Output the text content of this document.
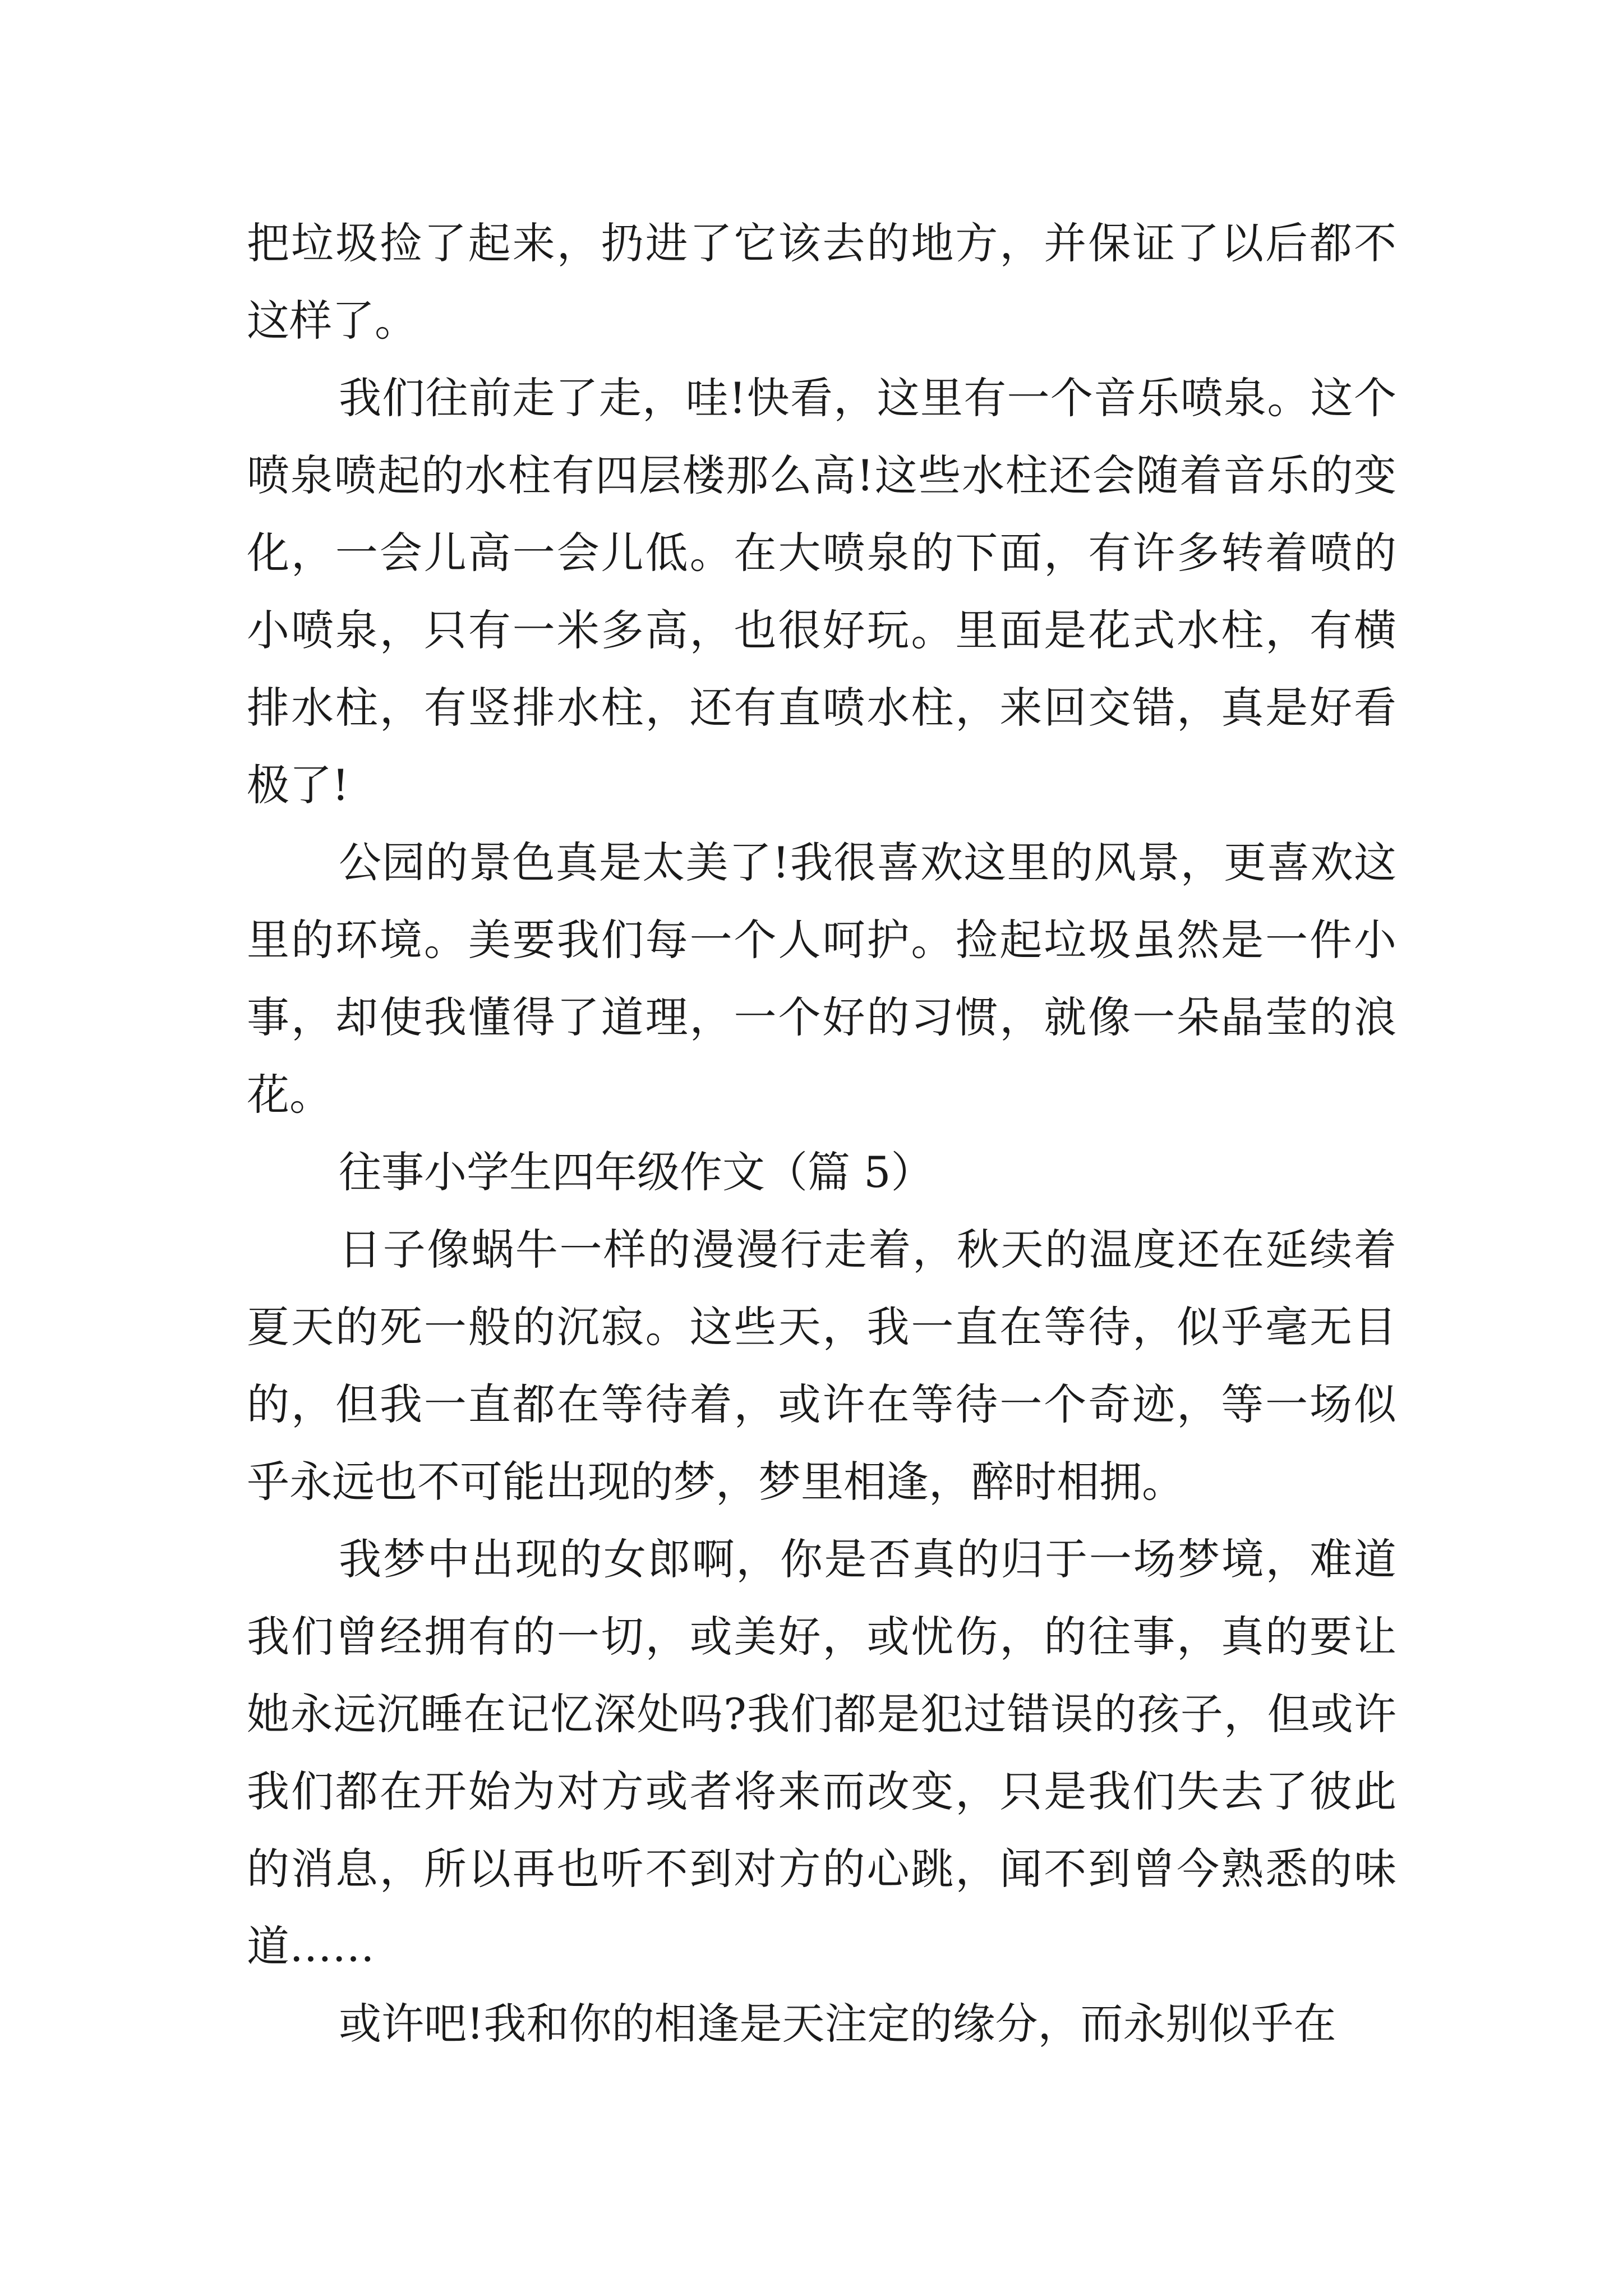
把垃圾捡了起来，扔进了它该去的地方，并保证了以后都不这样了。

我们往前走了走，哇!快看，这里有一个音乐喷泉。这个喷泉喷起的水柱有四层楼那么高!这些水柱还会随着音乐的变化，一会儿高一会儿低。在大喷泉的下面，有许多转着喷的小喷泉，只有一米多高，也很好玩。里面是花式水柱，有横排水柱，有竖排水柱，还有直喷水柱，来回交错，真是好看极了!

公园的景色真是太美了!我很喜欢这里的风景，更喜欢这里的环境。美要我们每一个人呵护。捡起垃圾虽然是一件小事，却使我懂得了道理，一个好的习惯，就像一朵晶莹的浪花。

往事小学生四年级作文（篇 5）

日子像蜗牛一样的漫漫行走着，秋天的温度还在延续着夏天的死一般的沉寂。这些天，我一直在等待，似乎毫无目的，但我一直都在等待着，或许在等待一个奇迹，等一场似乎永远也不可能出现的梦，梦里相逢，醉时相拥。

我梦中出现的女郎啊，你是否真的归于一场梦境，难道我们曾经拥有的一切，或美好，或忧伤，的往事，真的要让她永远沉睡在记忆深处吗?我们都是犯过错误的孩子，但或许我们都在开始为对方或者将来而改变，只是我们失去了彼此的消息，所以再也听不到对方的心跳，闻不到曾今熟悉的味道……

或许吧!我和你的相逢是天注定的缘分，而永别似乎在
